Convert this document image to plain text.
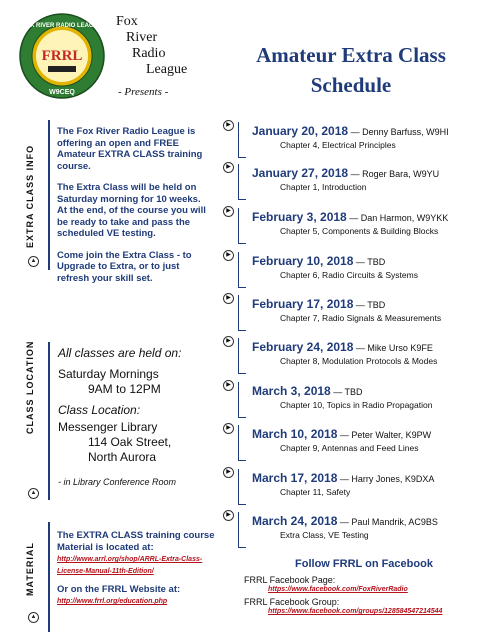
FRRL
FOX RIVER RADIO LEAGUE
W9CEQ
Fox
River
Radio
League
- Presents -
Amateur Extra Class
Schedule
EXTRA CLASS INFO
▲

The Fox River Radio League is offering an open and FREE Amateur EXTRA CLASS training course.

The Extra Class will be held on Saturday morning for 10 weeks. At the end, of the course you will be ready to take and pass the scheduled VE testing.

Come join the Extra Class - to Upgrade to Extra, or to just refresh your skill set.

CLASS LOCATION
▲
All classes are held on:
Saturday Mornings
9AM to 12PM
Class Location:
Messenger Library
114 Oak Street,
North Aurora
- in Library Conference Room
MATERIAL
▲
The EXTRA CLASS training course Material is located at:
http://www.arrl.org/shop/ARRL-Extra-Class-License-Manual-11th-Edition/
Or on the FRRL Website at:
http://www.frrl.org/education.php
▶ January 20, 2018 — Denny Barfuss, W9HI
Chapter 4, Electrical Principles
▶ January 27, 2018 — Roger Bara, W9YU
Chapter 1, Introduction
▶ February 3, 2018 — Dan Harmon, W9YKK
Chapter 5, Components & Building Blocks
▶ February 10, 2018 — TBD
Chapter 6, Radio Circuits & Systems
▶ February 17, 2018 — TBD
Chapter 7, Radio Signals & Measurements
▶ February 24, 2018 — Mike Urso K9FE
Chapter 8, Modulation Protocols & Modes
▶ March 3, 2018 — TBD
Chapter 10, Topics in Radio Propagation
▶ March 10, 2018 — Peter Walter, K9PW
Chapter 9, Antennas and Feed Lines
▶ March 17, 2018 — Harry Jones, K9DXA
Chapter 11, Safety
▶ March 24, 2018 — Paul Mandrik, AC9BS
Extra Class, VE Testing
Follow FRRL on Facebook
FRRL Facebook Page:
https://www.facebook.com/FoxRiverRadio
FRRL Facebook Group:
https://www.facebook.com/groups/128584547214544
